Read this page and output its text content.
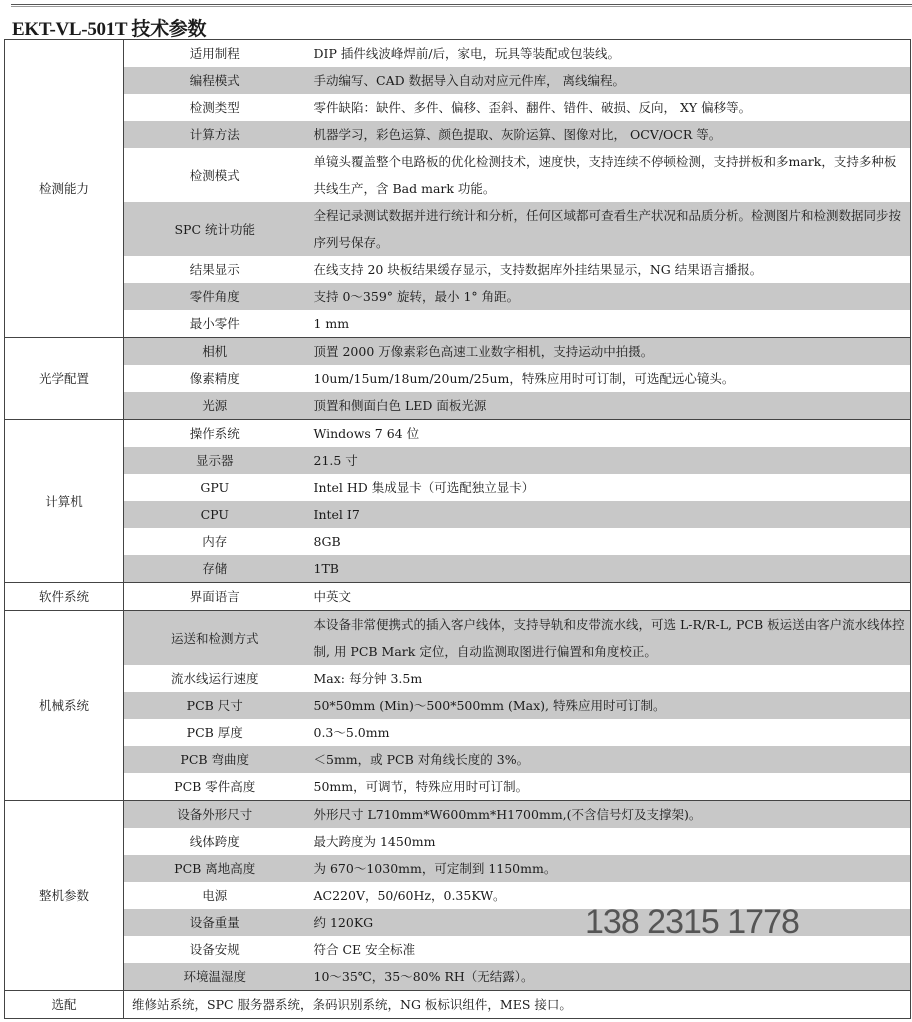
EKT-VL-501T 技术参数
检测能力	适用制程	DIP 插件线波峰焊前/后，家电，玩具等装配或包装线。
	编程模式	手动编写、CAD 数据导入自动对应元件库， 离线编程。
	检测类型	零件缺陷：缺件、多件、偏移、歪斜、翻件、错件、破损、反向， XY 偏移等。
	计算方法	机器学习，彩色运算、颜色提取、灰阶运算、图像对比， OCV/OCR 等。
	检测模式	单镜头覆盖整个电路板的优化检测技术，速度快，支持连续不停顿检测，支持拼板和多mark，支持多种板共线生产，含 Bad mark 功能。
	SPC 统计功能	全程记录测试数据并进行统计和分析，任何区域都可查看生产状况和品质分析。检测图片和检测数据同步按序列号保存。
	结果显示	在线支持 20 块板结果缓存显示，支持数据库外挂结果显示，NG 结果语言播报。
	零件角度	支持 0～359° 旋转，最小 1° 角距。
	最小零件	1 mm
光学配置	相机	顶置 2000 万像素彩色高速工业数字相机，支持运动中拍摄。
	像素精度	10um/15um/18um/20um/25um，特殊应用时可订制，可选配远心镜头。
	光源	顶置和侧面白色 LED 面板光源
计算机	操作系统	Windows 7 64 位
	显示器	21.5 寸
	GPU	Intel HD 集成显卡（可选配独立显卡）
	CPU	Intel I7
	内存	8GB
	存储	1TB
软件系统	界面语言	中英文
机械系统	运送和检测方式	本设备非常便携式的插入客户线体，支持导轨和皮带流水线，可选 L-R/R-L, PCB 板运送由客户流水线体控制, 用 PCB Mark 定位，自动监测取图进行偏置和角度校正。
	流水线运行速度	Max: 每分钟 3.5m
	PCB 尺寸	50*50mm (Min)～500*500mm (Max), 特殊应用时可订制。
	PCB 厚度	0.3～5.0mm
	PCB 弯曲度	＜5mm，或 PCB 对角线长度的 3%。
	PCB 零件高度	50mm，可调节，特殊应用时可订制。
整机参数	设备外形尺寸	外形尺寸 L710mm*W600mm*H1700mm,(不含信号灯及支撑架)。
	线体跨度	最大跨度为 1450mm
	PCB 离地高度	为 670～1030mm，可定制到 1150mm。
	电源	AC220V，50/60Hz，0.35KW。
	设备重量	约 120KG
	设备安规	符合 CE 安全标准
	环境温湿度	10～35℃，35～80% RH（无结露）。
选配	维修站系统，SPC 服务器系统，条码识别系统，NG 板标识组件，MES 接口。	
138 2315 1778
